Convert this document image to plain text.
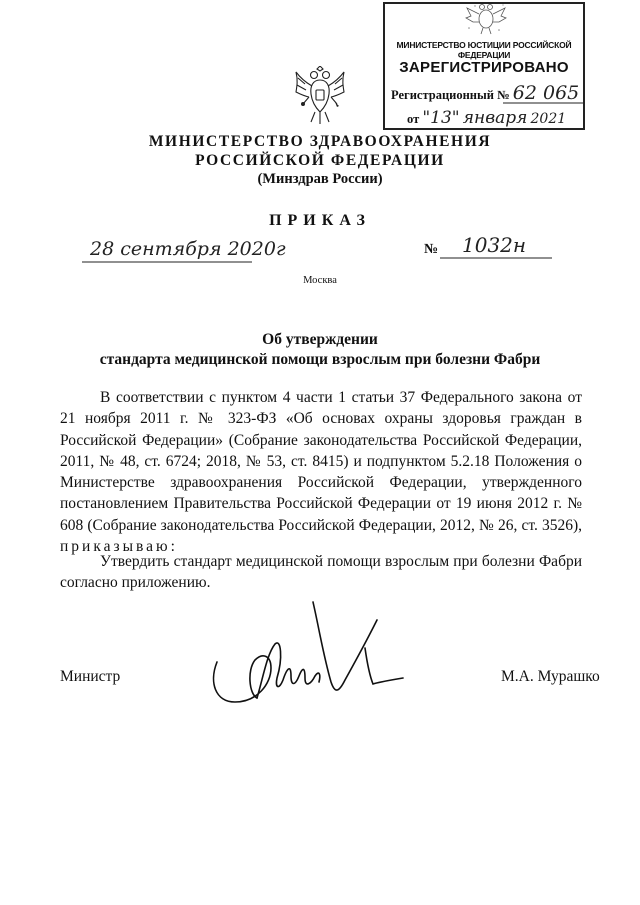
МИНИСТЕРСТВО ЮСТИЦИИ РОССИЙСКОЙ ФЕДЕРАЦИИ
ЗАРЕГИСТРИРОВАНО
Регистрационный № 62 065
от "13" января 2021
МИНИСТЕРСТВО ЗДРАВООХРАНЕНИЯ
РОССИЙСКОЙ ФЕДЕРАЦИИ
(Минздрав России)
ПРИКАЗ
28 сентября 2020г	№ 1032н
Москва
Об утверждении
стандарта медицинской помощи взрослым при болезни Фабри
В соответствии с пунктом 4 части 1 статьи 37 Федерального закона от 21 ноября 2011 г. № 323-ФЗ «Об основах охраны здоровья граждан в Российской Федерации» (Собрание законодательства Российской Федерации, 2011, № 48, ст. 6724; 2018, № 53, ст. 8415) и подпунктом 5.2.18 Положения о Министерстве здравоохранения Российской Федерации, утвержденного постановлением Правительства Российской Федерации от 19 июня 2012 г. № 608 (Собрание законодательства Российской Федерации, 2012, № 26, ст. 3526), приказываю:
Утвердить стандарт медицинской помощи взрослым при болезни Фабри согласно приложению.
Министр	М.А. Мурашко
